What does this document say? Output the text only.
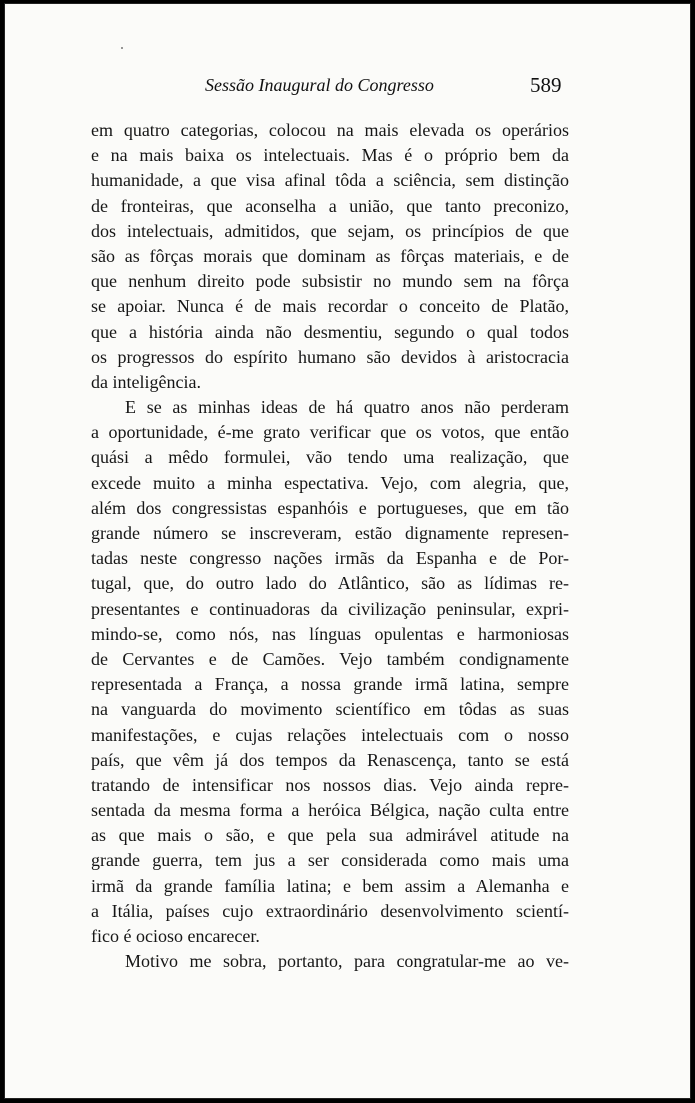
Sessão Inaugural do Congresso	589
em quatro categorias, colocou na mais elevada os operários
e na mais baixa os intelectuais. Mas é o próprio bem da
humanidade, a que visa afinal tôda a sciência, sem distinção
de fronteiras, que aconselha a união, que tanto preconizo,
dos intelectuais, admitidos, que sejam, os princípios de que
são as fôrças morais que dominam as fôrças materiais, e de
que nenhum direito pode subsistir no mundo sem na fôrça
se apoiar. Nunca é de mais recordar o conceito de Platão,
que a história ainda não desmentiu, segundo o qual todos
os progressos do espírito humano são devidos à aristocracia
da inteligência.
E se as minhas ideas de há quatro anos não perderam
a oportunidade, é-me grato verificar que os votos, que então
quási a mêdo formulei, vão tendo uma realização, que
excede muito a minha espectativa. Vejo, com alegria, que,
além dos congressistas espanhóis e portugueses, que em tão
grande número se inscreveram, estão dignamente represen-
tadas neste congresso nações irmãs da Espanha e de Por-
tugal, que, do outro lado do Atlântico, são as lídimas re-
presentantes e continuadoras da civilização peninsular, expri-
mindo-se, como nós, nas línguas opulentas e harmoniosas
de Cervantes e de Camões. Vejo também condignamente
representada a França, a nossa grande irmã latina, sempre
na vanguarda do movimento scientífico em tôdas as suas
manifestações, e cujas relações intelectuais com o nosso
país, que vêm já dos tempos da Renascença, tanto se está
tratando de intensificar nos nossos dias. Vejo ainda repre-
sentada da mesma forma a heróica Bélgica, nação culta entre
as que mais o são, e que pela sua admirável atitude na
grande guerra, tem jus a ser considerada como mais uma
irmã da grande família latina; e bem assim a Alemanha e
a Itália, países cujo extraordinário desenvolvimento scientí-
fico é ocioso encarecer.
Motivo me sobra, portanto, para congratular-me ao ve-
